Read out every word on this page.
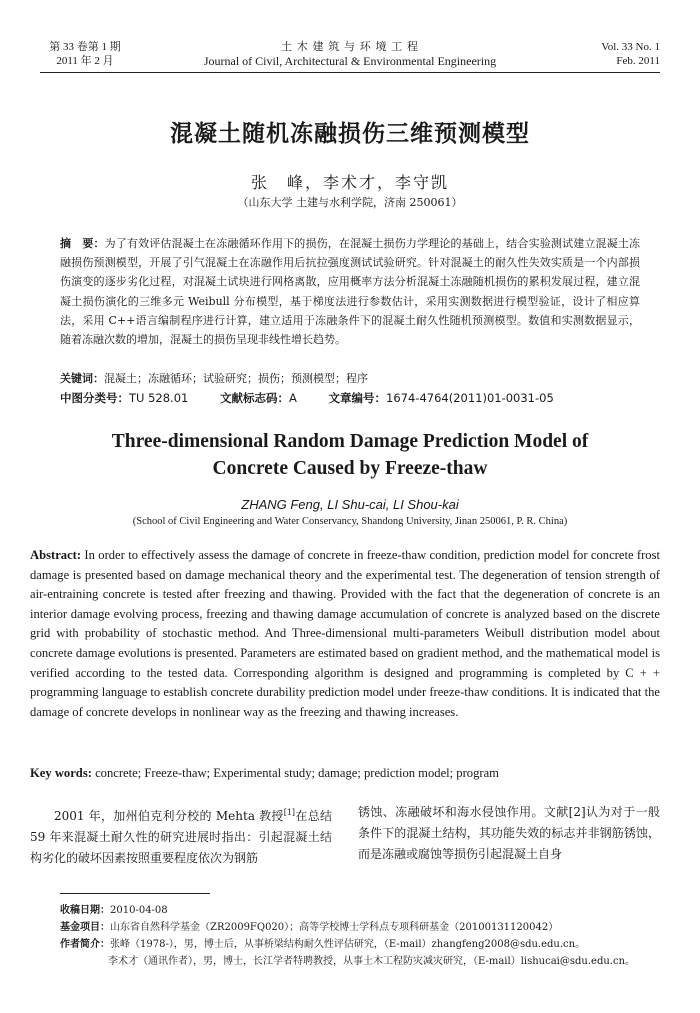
第 33 卷第 1 期
2011 年 2 月
土 木 建 筑 与 环 境 工 程
Journal of Civil, Architectural & Environmental Engineering
Vol. 33 No. 1
Feb. 2011
混凝土随机冻融损伤三维预测模型
张　峰，李术才，李守凯
（山东大学 土建与水利学院，济南 250061）
摘　要：为了有效评估混凝土在冻融循环作用下的损伤，在混凝土损伤力学理论的基础上，结合实验测试建立混凝土冻融损伤预测模型，开展了引气混凝土在冻融作用后抗拉强度测试试验研究。针对混凝土的耐久性失效实质是一个内部损伤演变的逐步劣化过程，对混凝土试块进行网格离散，应用概率方法分析混凝土冻融随机损伤的累积发展过程，建立混凝土损伤演化的三维多元 Weibull 分布模型，基于梯度法进行参数估计，采用实测数据进行模型验证，设计了相应算法，采用 C++语言编制程序进行计算，建立适用于冻融条件下的混凝土耐久性随机预测模型。数值和实测数据显示，随着冻融次数的增加，混凝土的损伤呈现非线性增长趋势。
关键词：混凝土；冻融循环；试验研究；损伤；预测模型；程序
中图分类号：TU 528.01	文献标志码：A	文章编号：1674-4764(2011)01-0031-05
Three-dimensional Random Damage Prediction Model of
Concrete Caused by Freeze-thaw
ZHANG Feng, LI Shu-cai, LI Shou-kai
(School of Civil Engineering and Water Conservancy, Shandong University, Jinan 250061, P. R. China)
Abstract: In order to effectively assess the damage of concrete in freeze-thaw condition, prediction model for concrete frost damage is presented based on damage mechanical theory and the experimental test. The degeneration of tension strength of air-entraining concrete is tested after freezing and thawing. Provided with the fact that the degeneration of concrete is an interior damage evolving process, freezing and thawing damage accumulation of concrete is analyzed based on the discrete grid with probability of stochastic method. And Three-dimensional multi-parameters Weibull distribution model about concrete damage evolutions is presented. Parameters are estimated based on gradient method, and the mathematical model is verified according to the tested data. Corresponding algorithm is designed and programming is completed by C + + programming language to establish concrete durability prediction model under freeze-thaw conditions. It is indicated that the damage of concrete develops in nonlinear way as the freezing and thawing increases.
Key words: concrete; Freeze-thaw; Experimental study; damage; prediction model; program
2001 年，加州伯克利分校的 Mehta 教授[1]在总结 59 年来混凝土耐久性的研究进展时指出：引起混凝土结构劣化的破坏因素按照重要程度依次为钢筋
锈蚀、冻融破坏和海水侵蚀作用。文献[2]认为对于一般条件下的混凝土结构，其功能失效的标志并非钢筋锈蚀，而是冻融或腐蚀等损伤引起混凝土自身
收稿日期：2010-04-08
基金项目：山东省自然科学基金（ZR2009FQ020）；高等学校博士学科点专项科研基金（20100131120042）
作者简介：张峰（1978-），男，博士后，从事桥梁结构耐久性评估研究，（E-mail）zhangfeng2008@sdu.edu.cn。
李术才（通讯作者），男，博士，长江学者特聘教授，从事土木工程防灾减灾研究，（E-mail）lishucai@sdu.edu.cn。
